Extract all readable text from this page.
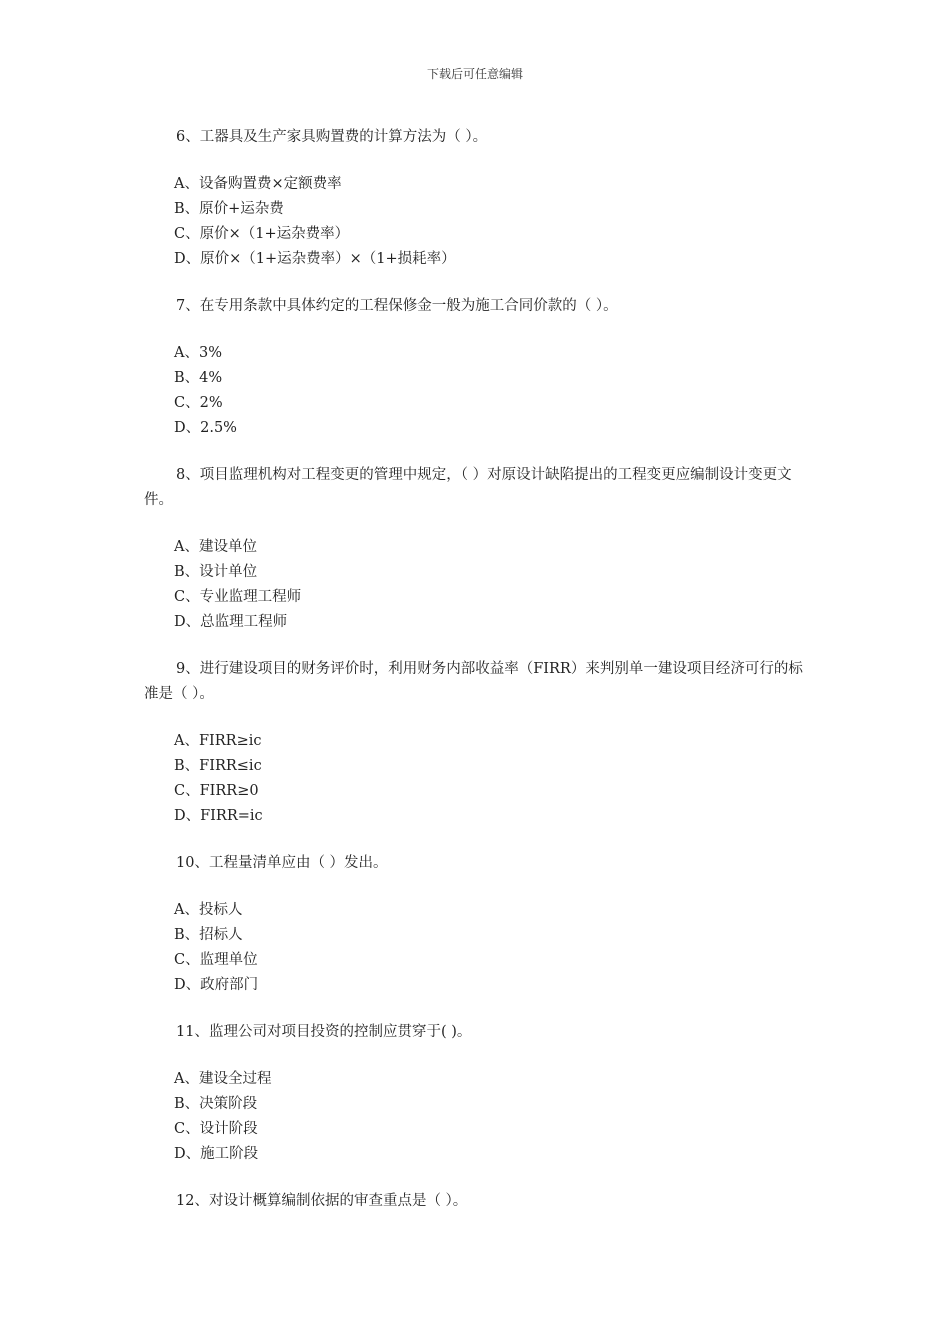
下载后可任意编辑

6、工器具及生产家具购置费的计算方法为（ ）。

A、设备购置费×定额费率
B、原价+运杂费
C、原价×（1+运杂费率）
D、原价×（1+运杂费率）×（1+损耗率）

7、在专用条款中具体约定的工程保修金一般为施工合同价款的（ ）。

A、3%
B、4%
C、2%
D、2.5%

8、项目监理机构对工程变更的管理中规定，（ ）对原设计缺陷提出的工程变更应编制设计变更文件。

A、建设单位
B、设计单位
C、专业监理工程师
D、总监理工程师

9、进行建设项目的财务评价时，利用财务内部收益率（FIRR）来判别单一建设项目经济可行的标准是（ ）。

A、FIRR≥ic
B、FIRR≤ic
C、FIRR≥0
D、FIRR=ic

10、工程量清单应由（ ）发出。

A、投标人
B、招标人
C、监理单位
D、政府部门

11、监理公司对项目投资的控制应贯穿于( )。

A、建设全过程
B、决策阶段
C、设计阶段
D、施工阶段

12、对设计概算编制依据的审查重点是（ ）。
